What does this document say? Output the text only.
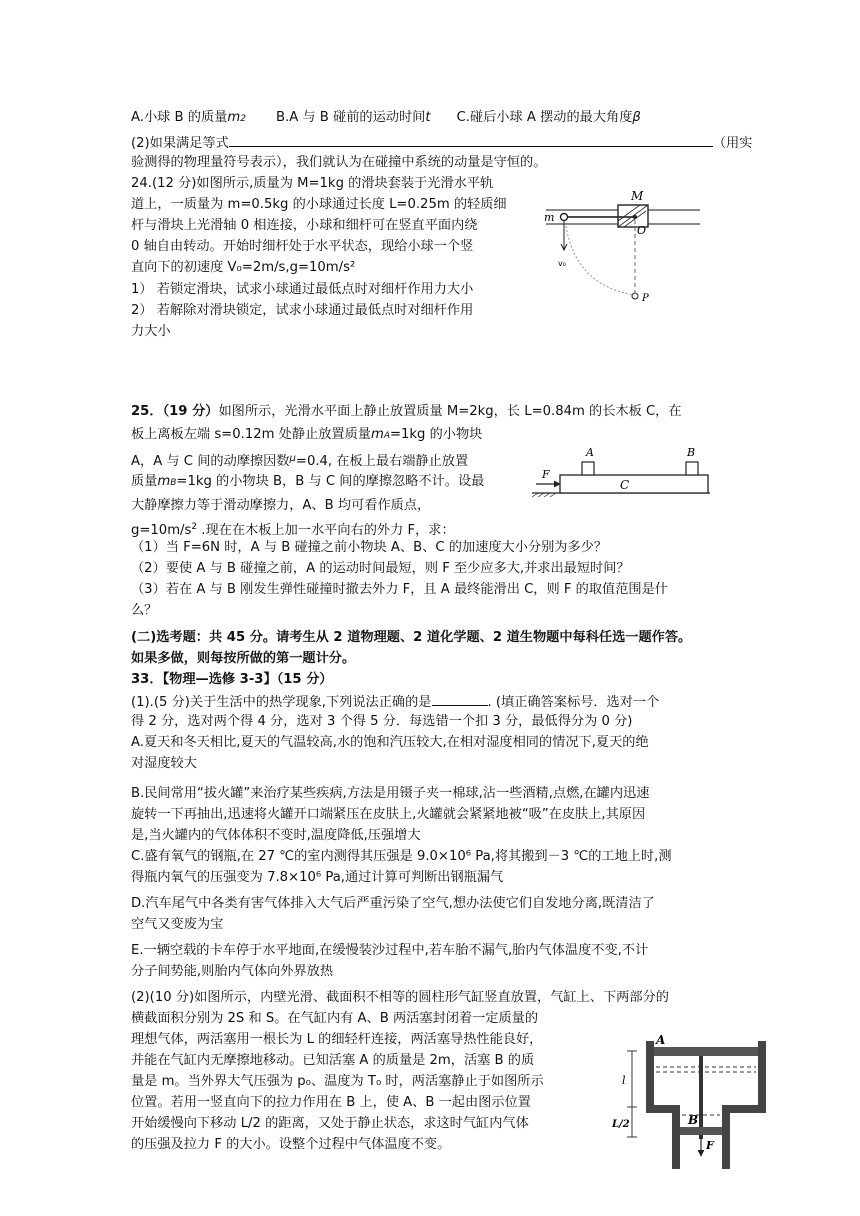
A.小球 B 的质量m2 B.A 与 B 碰前的运动时间t C.碰后小球 A 摆动的最大角度β
(2)如果满足等式	（用实
验测得的物理量符号表示），我们就认为在碰撞中系统的动量是守恒的。
24.(12 分)如图所示,质量为 M=1kg 的滑块套装于光滑水平轨
道上，一质量为 m=0.5kg 的小球通过长度 L=0.25m 的轻质细
杆与滑块上光滑轴 0 相连接，小球和细杆可在竖直平面内绕
0 轴自由转动。开始时细杆处于水平状态，现给小球一个竖
直向下的初速度 V₀=2m/s,g=10m/s²
1） 若锁定滑块，试求小球通过最低点时对细杆作用力大小
2） 若解除对滑块锁定，试求小球通过最低点时对细杆作用
力大小
M
m
O
v₀
P
25．（19 分）如图所示，光滑水平面上静止放置质量 M=2kg，长 L=0.84m 的长木板 C，在
板上离板左端 s=0.12m 处静止放置质量mA=1kg 的小物块
A，A 与 C 间的动摩擦因数$^\mu$=0.4, 在板上最右端静止放置
质量mB=1kg 的小物块 B，B 与 C 间的摩擦忽略不计。设最
大静摩擦力等于滑动摩擦力，A、B 均可看作质点，
$g=10m/s^2$ .现在在木板上加一水平向右的外力 F，求：
（1）当 F=6N 时，A 与 B 碰撞之前小物块 A、B、C 的加速度大小分别为多少？
（2）要使 A 与 B 碰撞之前，A 的运动时间最短，则 F 至少应多大,并求出最短时间？
（3）若在 A 与 B 刚发生弹性碰撞时撤去外力 F，且 A 最终能滑出 C，则 F 的取值范围是什
么？
C
A	B
F
(二)选考题：共 45 分。请考生从 2 道物理题、2 道化学题、2 道生物题中每科任选一题作答。
如果多做，则每按所做的第一题计分。
33．【物理—选修 3-3】（15 分）
(1).(5 分)关于生活中的热学现象,下列说法正确的是	. (填正确答案标号．选对一个
得 2 分，选对两个得 4 分，选对 3 个得 5 分．每选错一个扣 3 分，最低得分为 0 分)
A.夏天和冬天相比,夏天的气温较高,水的饱和汽压较大,在相对湿度相同的情况下,夏天的绝
对湿度较大
B.民间常用“拔火罐”来治疗某些疾病,方法是用镊子夹一棉球,沾一些酒精,点燃,在罐内迅速
旋转一下再抽出,迅速将火罐开口端紧压在皮肤上,火罐就会紧紧地被“吸”在皮肤上,其原因
是,当火罐内的气体体积不变时,温度降低,压强增大
C.盛有氧气的钢瓶,在 27 ℃的室内测得其压强是 9.0×10⁶ Pa,将其搬到－3 ℃的工地上时,测
得瓶内氧气的压强变为 7.8×10⁶ Pa,通过计算可判断出钢瓶漏气
D.汽车尾气中各类有害气体排入大气后严重污染了空气,想办法使它们自发地分离,既清洁了
空气又变废为宝
E.一辆空载的卡车停于水平地面,在缓慢装沙过程中,若车胎不漏气,胎内气体温度不变,不计
分子间势能,则胎内气体向外界放热
(2)(10 分)如图所示，内壁光滑、截面积不相等的圆柱形气缸竖直放置，气缸上、下两部分的
横截面积分别为 2S 和 S。在气缸内有 A、B 两活塞封闭着一定质量的
理想气体，两活塞用一根长为 L 的细轻杆连接，两活塞导热性能良好，
并能在气缸内无摩擦地移动。已知活塞 A 的质量是 2m，活塞 B 的质
量是 m。当外界大气压强为 p₀、温度为 T₀ 时，两活塞静止于如图所示
位置。若用一竖直向下的拉力作用在 B 上，使 A、B 一起由图示位置
开始缓慢向下移动 L/2 的距离，又处于静止状态，求这时气缸内气体
的压强及拉力 F 的大小。设整个过程中气体温度不变。
A
B
F
l
L/2
